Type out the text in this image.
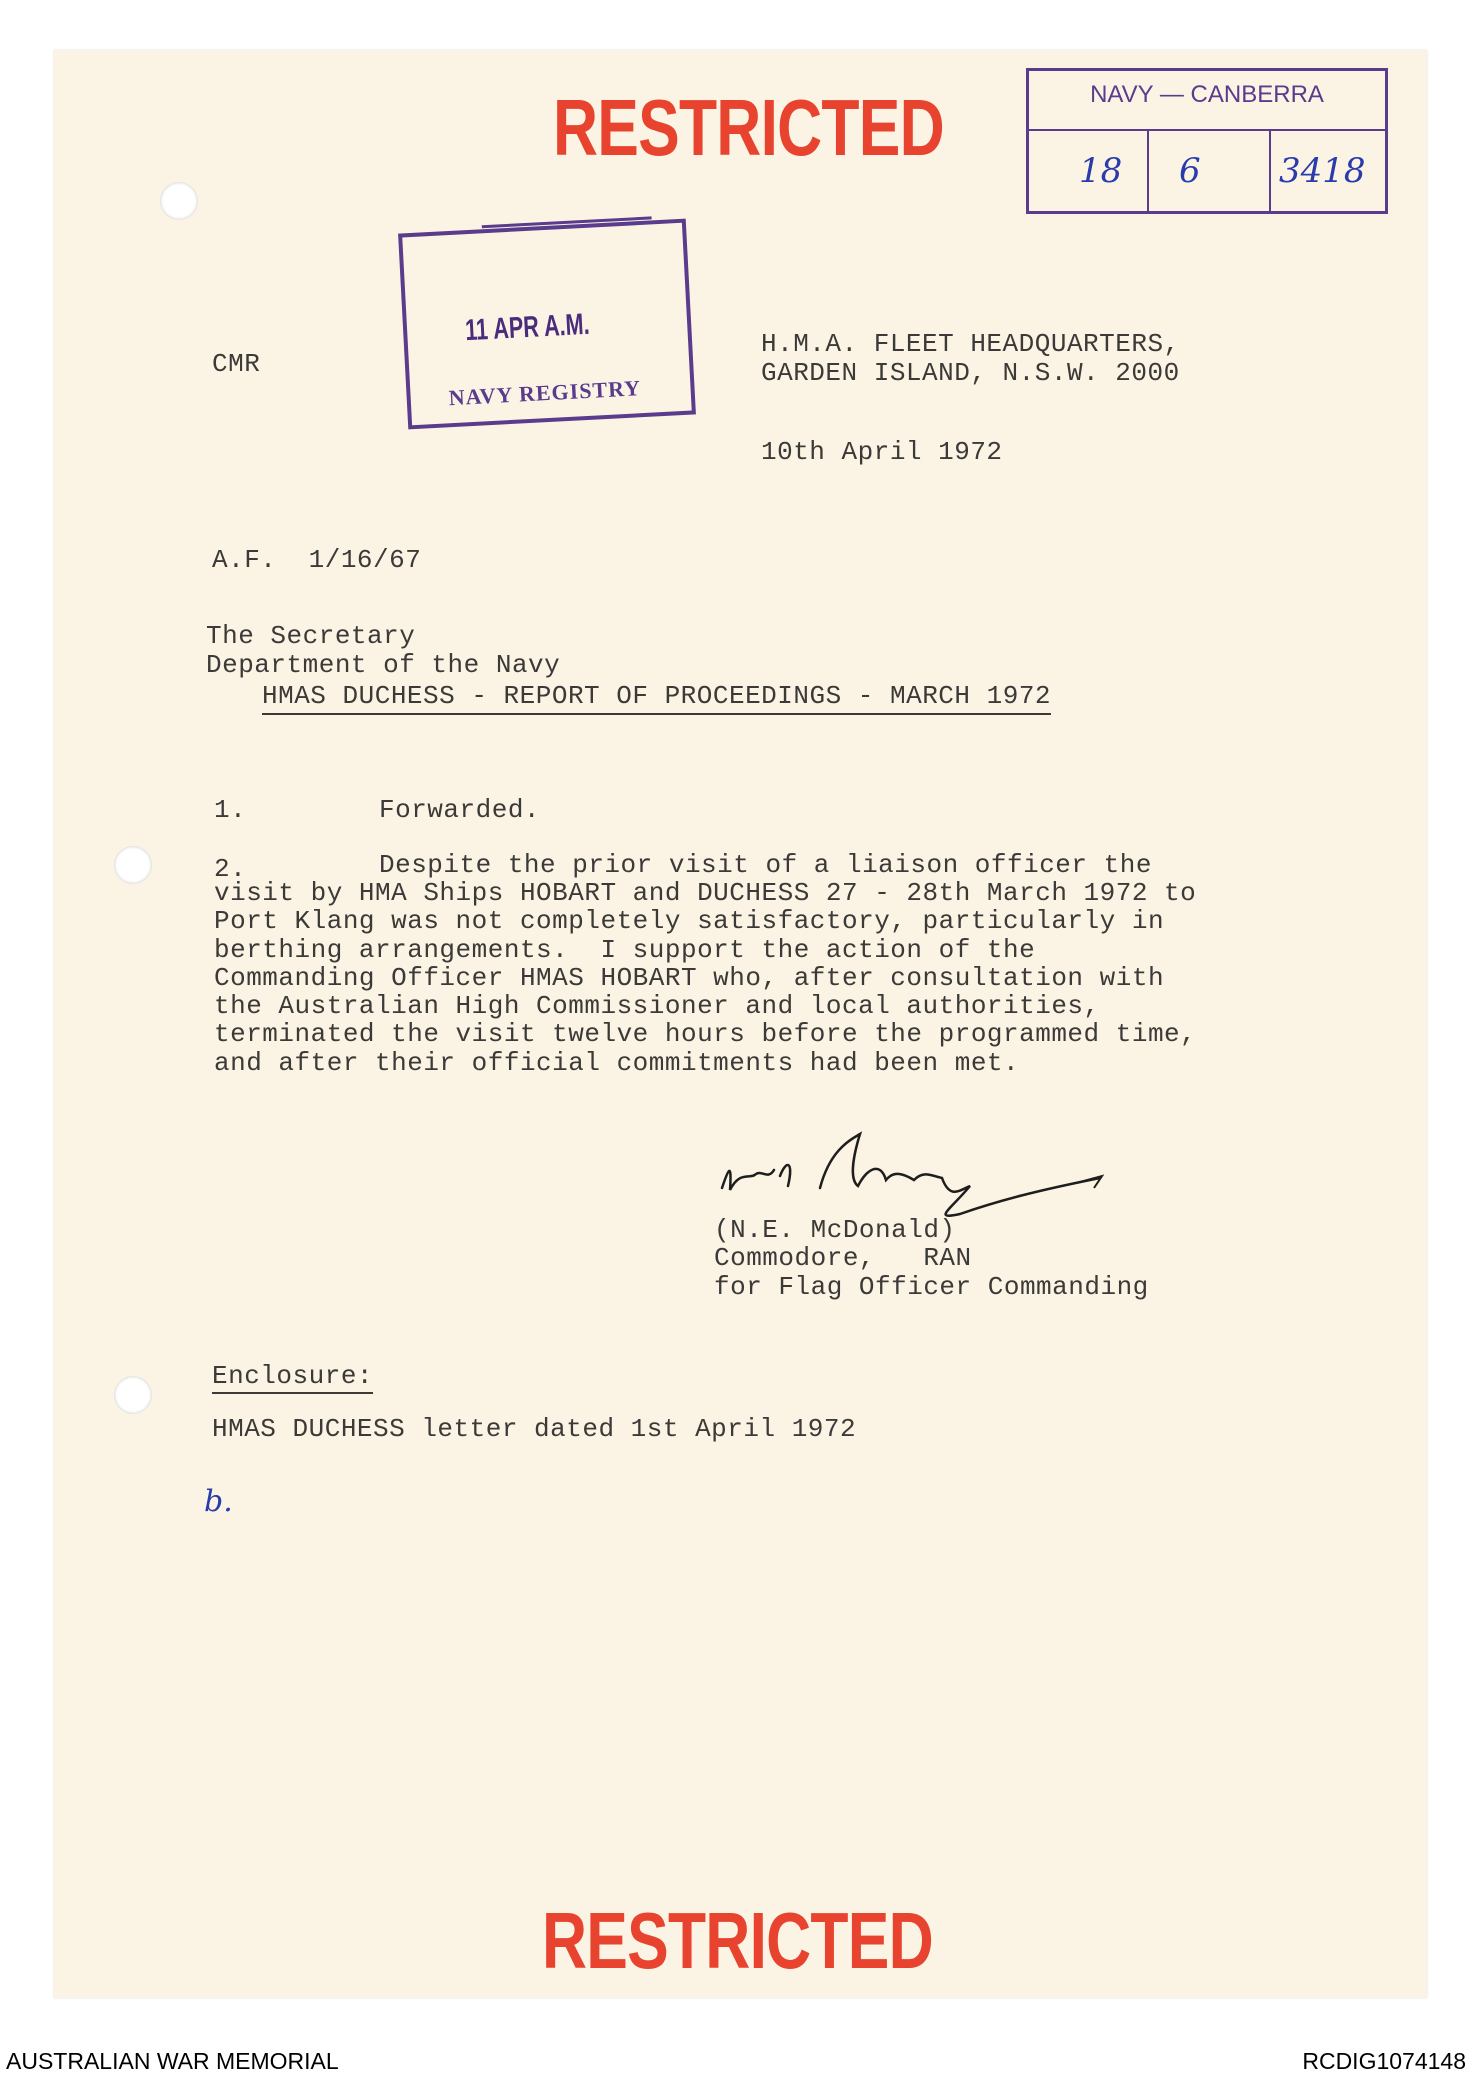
RESTRICTED	NAVY — CANBERRA
18 6 3418
11 APR A.M.
NAVY REGISTRY
CMR
H.M.A. FLEET HEADQUARTERS,
GARDEN ISLAND, N.S.W. 2000
10th April 1972
A.F.  1/16/67
The Secretary
Department of the Navy
HMAS DUCHESS - REPORT OF PROCEEDINGS - MARCH 1972
1.	Forwarded.
2.	Despite the prior visit of a liaison officer the
visit by HMA Ships HOBART and DUCHESS 27 - 28th March 1972 to
Port Klang was not completely satisfactory, particularly in
berthing arrangements.  I support the action of the
Commanding Officer HMAS HOBART who, after consultation with
the Australian High Commissioner and local authorities,
terminated the visit twelve hours before the programmed time,
and after their official commitments had been met.
(N.E. McDonald)
Commodore,   RAN
for Flag Officer Commanding
Enclosure:
HMAS DUCHESS letter dated 1st April 1972
b.
RESTRICTED
AUSTRALIAN WAR MEMORIAL	RCDIG1074148
